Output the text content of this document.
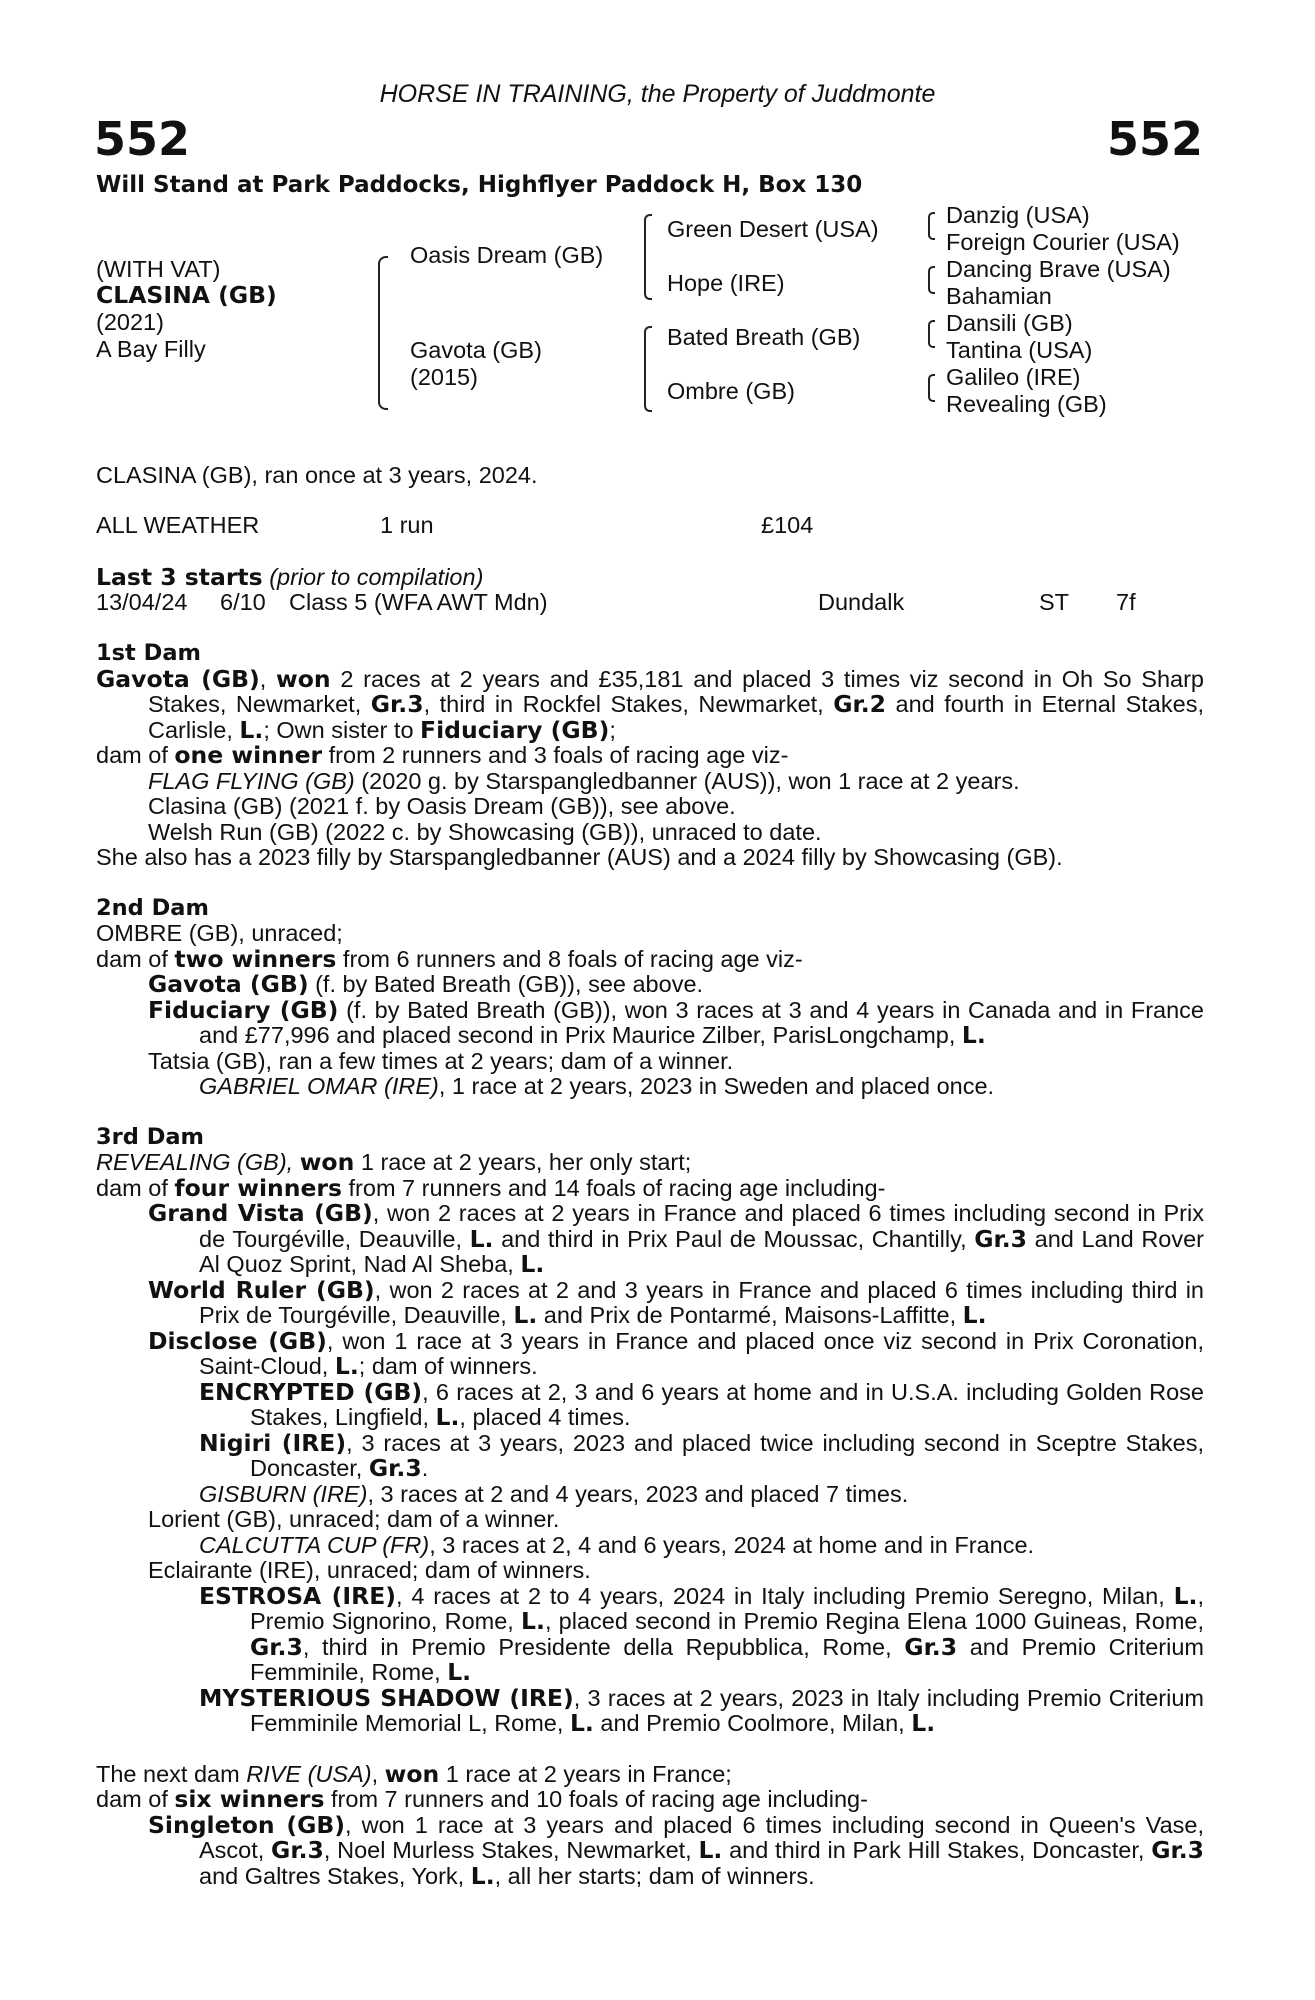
HORSE IN TRAINING, the Property of Juddmonte
552	552
Will Stand at Park Paddocks, Highflyer Paddock H, Box 130
(WITH VAT)
CLASINA (GB)
(2021)
A Bay Filly
Oasis Dream (GB)
Gavota (GB)
(2015)
Green Desert (USA)
Hope (IRE)
Bated Breath (GB)
Ombre (GB)
Danzig (USA)
Foreign Courier (USA)
Dancing Brave (USA)
Bahamian
Dansili (GB)
Tantina (USA)
Galileo (IRE)
Revealing (GB)
CLASINA (GB), ran once at 3 years, 2024.
ALL WEATHER	1 run	£104
Last 3 starts (prior to compilation)
13/04/24 6/10 Class 5 (WFA AWT Mdn)	Dundalk	ST 7f

1st Dam

Gavota (GB), won 2 races at 2 years and £35,181 and placed 3 times viz second in Oh So Sharp Stakes, Newmarket, Gr.3, third in Rockfel Stakes, Newmarket, Gr.2 and fourth in Eternal Stakes, Carlisle, L.; Own sister to Fiduciary (GB);

dam of one winner from 2 runners and 3 foals of racing age viz-

FLAG FLYING (GB) (2020 g. by Starspangledbanner (AUS)), won 1 race at 2 years.

Clasina (GB) (2021 f. by Oasis Dream (GB)), see above.

Welsh Run (GB) (2022 c. by Showcasing (GB)), unraced to date.

She also has a 2023 filly by Starspangledbanner (AUS) and a 2024 filly by Showcasing (GB).

2nd Dam

OMBRE (GB), unraced;

dam of two winners from 6 runners and 8 foals of racing age viz-

Gavota (GB) (f. by Bated Breath (GB)), see above.

Fiduciary (GB) (f. by Bated Breath (GB)), won 3 races at 3 and 4 years in Canada and in France and £77,996 and placed second in Prix Maurice Zilber, ParisLongchamp, L.

Tatsia (GB), ran a few times at 2 years; dam of a winner.

GABRIEL OMAR (IRE), 1 race at 2 years, 2023 in Sweden and placed once.

3rd Dam

REVEALING (GB), won 1 race at 2 years, her only start;

dam of four winners from 7 runners and 14 foals of racing age including-

Grand Vista (GB), won 2 races at 2 years in France and placed 6 times including second in Prix de Tourgéville, Deauville, L. and third in Prix Paul de Moussac, Chantilly, Gr.3 and Land Rover Al Quoz Sprint, Nad Al Sheba, L.

World Ruler (GB), won 2 races at 2 and 3 years in France and placed 6 times including third in Prix de Tourgéville, Deauville, L. and Prix de Pontarmé, Maisons-Laffitte, L.

Disclose (GB), won 1 race at 3 years in France and placed once viz second in Prix Coronation, Saint-Cloud, L.; dam of winners.

ENCRYPTED (GB), 6 races at 2, 3 and 6 years at home and in U.S.A. including Golden Rose Stakes, Lingfield, L., placed 4 times.

Nigiri (IRE), 3 races at 3 years, 2023 and placed twice including second in Sceptre Stakes, Doncaster, Gr.3.

GISBURN (IRE), 3 races at 2 and 4 years, 2023 and placed 7 times.

Lorient (GB), unraced; dam of a winner.

CALCUTTA CUP (FR), 3 races at 2, 4 and 6 years, 2024 at home and in France.

Eclairante (IRE), unraced; dam of winners.

ESTROSA (IRE), 4 races at 2 to 4 years, 2024 in Italy including Premio Seregno, Milan, L., Premio Signorino, Rome, L., placed second in Premio Regina Elena 1000 Guineas, Rome, Gr.3, third in Premio Presidente della Repubblica, Rome, Gr.3 and Premio Criterium Femminile, Rome, L.

MYSTERIOUS SHADOW (IRE), 3 races at 2 years, 2023 in Italy including Premio Criterium Femminile Memorial L, Rome, L. and Premio Coolmore, Milan, L.

The next dam RIVE (USA), won 1 race at 2 years in France;

dam of six winners from 7 runners and 10 foals of racing age including-

Singleton (GB), won 1 race at 3 years and placed 6 times including second in Queen's Vase, Ascot, Gr.3, Noel Murless Stakes, Newmarket, L. and third in Park Hill Stakes, Doncaster, Gr.3 and Galtres Stakes, York, L., all her starts; dam of winners.
